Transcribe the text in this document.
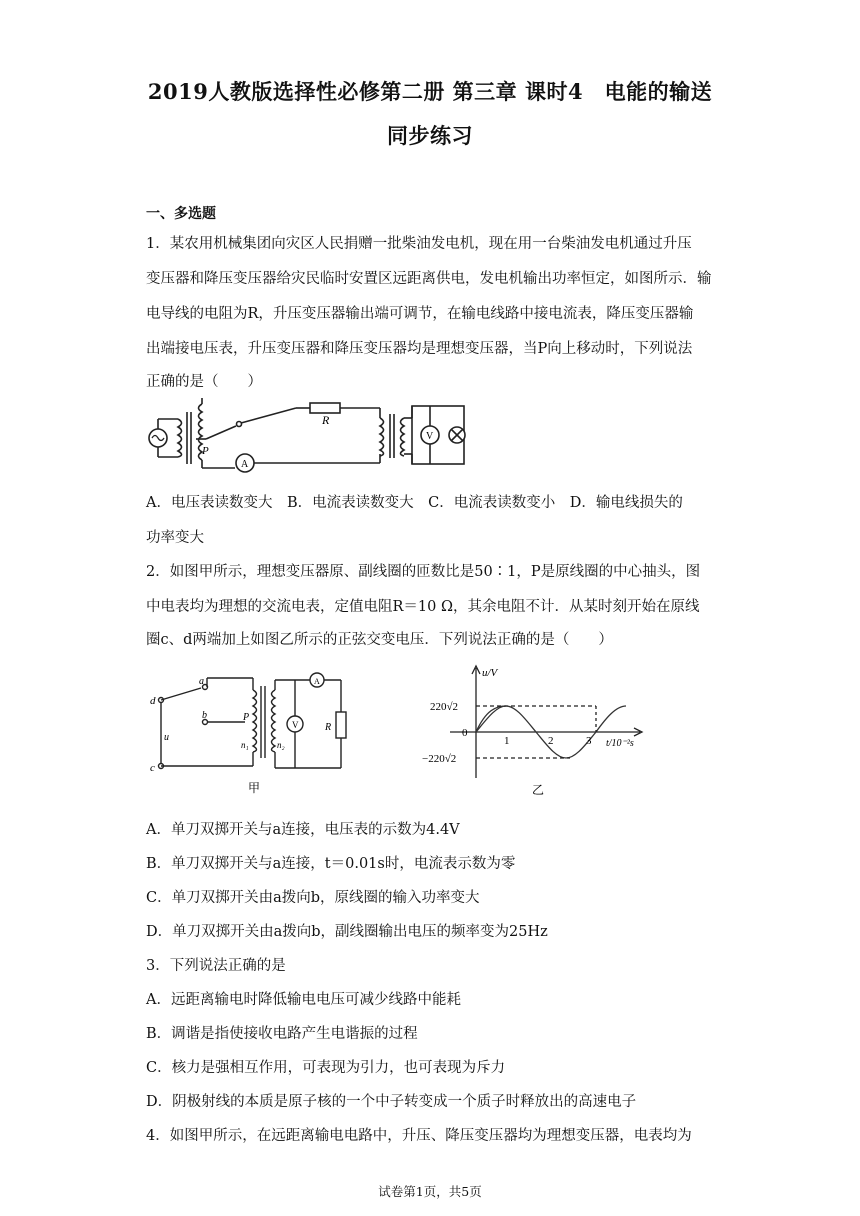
2019人教版选择性必修第二册 第三章 课时4　电能的输送
同步练习
一、多选题
1．某农用机械集团向灾区人民捐赠一批柴油发电机，现在用一台柴油发电机通过升压
变压器和降压变压器给灾民临时安置区远距离供电，发电机输出功率恒定，如图所示．输
电导线的电阻为R，升压变压器输出端可调节，在输电线路中接电流表，降压变压器输
出端接电压表，升压变压器和降压变压器均是理想变压器，当P向上移动时，下列说法
正确的是（　　）
R
P
A
V
A．电压表读数变大　B．电流表读数变大　C．电流表读数变小　D．输电线损失的
功率变大
2．如图甲所示，理想变压器原、副线圈的匝数比是50∶1，P是原线圈的中心抽头，图
中电表均为理想的交流电表，定值电阻R＝10 Ω，其余电阻不计．从某时刻开始在原线
圈c、d两端加上如图乙所示的正弦交变电压．下列说法正确的是（　　）
d
a
b	P
u
c
n₁	n₂
A
V	R
甲
u/V
t/10⁻²s
220√2
−220√2
0
1	2	3
乙
A．单刀双掷开关与a连接，电压表的示数为4.4V
B．单刀双掷开关与a连接，t＝0.01s时，电流表示数为零
C．单刀双掷开关由a拨向b，原线圈的输入功率变大
D．单刀双掷开关由a拨向b，副线圈输出电压的频率变为25Hz
3．下列说法正确的是
A．远距离输电时降低输电电压可减少线路中能耗
B．调谐是指使接收电路产生电谐振的过程
C．核力是强相互作用，可表现为引力，也可表现为斥力
D．阴极射线的本质是原子核的一个中子转变成一个质子时释放出的高速电子
4．如图甲所示，在远距离输电电路中，升压、降压变压器均为理想变压器，电表均为
试卷第1页，共5页
